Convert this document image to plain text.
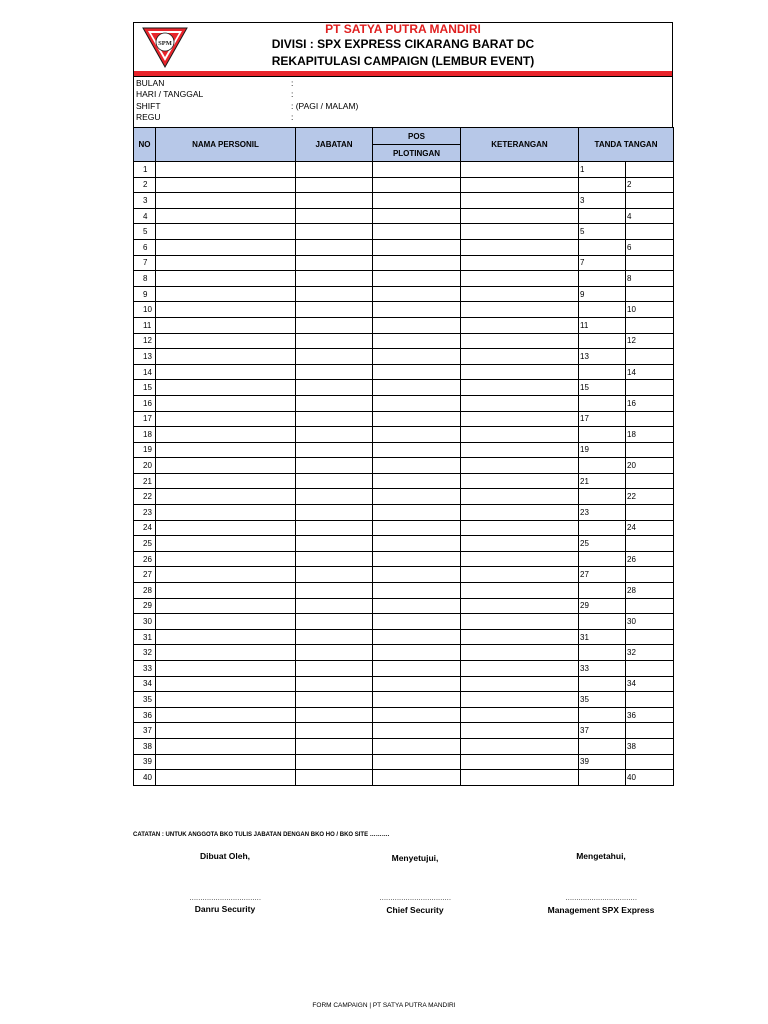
SPM
PT SATYA PUTRA MANDIRI
DIVISI : SPX EXPRESS CIKARANG BARAT DC
REKAPITULASI CAMPAIGN (LEMBUR EVENT)
BULAN	:
HARI / TANGGAL	:
SHIFT	: (PAGI / MALAM)
REGU	:
NO	NAMA PERSONIL	JABATAN	POS	KETERANGAN	TANDA TANGAN	
			PLOTINGAN			
1					1	
2						2
3					3	
4						4
5					5	
6						6
7					7	
8						8
9					9	
10						10
11					11	
12						12
13					13	
14						14
15					15	
16						16
17					17	
18						18
19					19	
20						20
21					21	
22						22
23					23	
24						24
25					25	
26						26
27					27	
28						28
29					29	
30						30
31					31	
32						32
33					33	
34						34
35					35	
36						36
37					37	
38						38
39					39	
40						40
CATATAN : UNTUK ANGGOTA BKO TULIS JABATAN DENGAN BKO HO / BKO SITE ……….
Dibuat Oleh,	Menyetujui,	Mengetahui,
……………………………	……………………………	……………………………
Danru Security	Chief Security	Management SPX Express
FORM CAMPAIGN | PT SATYA PUTRA MANDIRI
